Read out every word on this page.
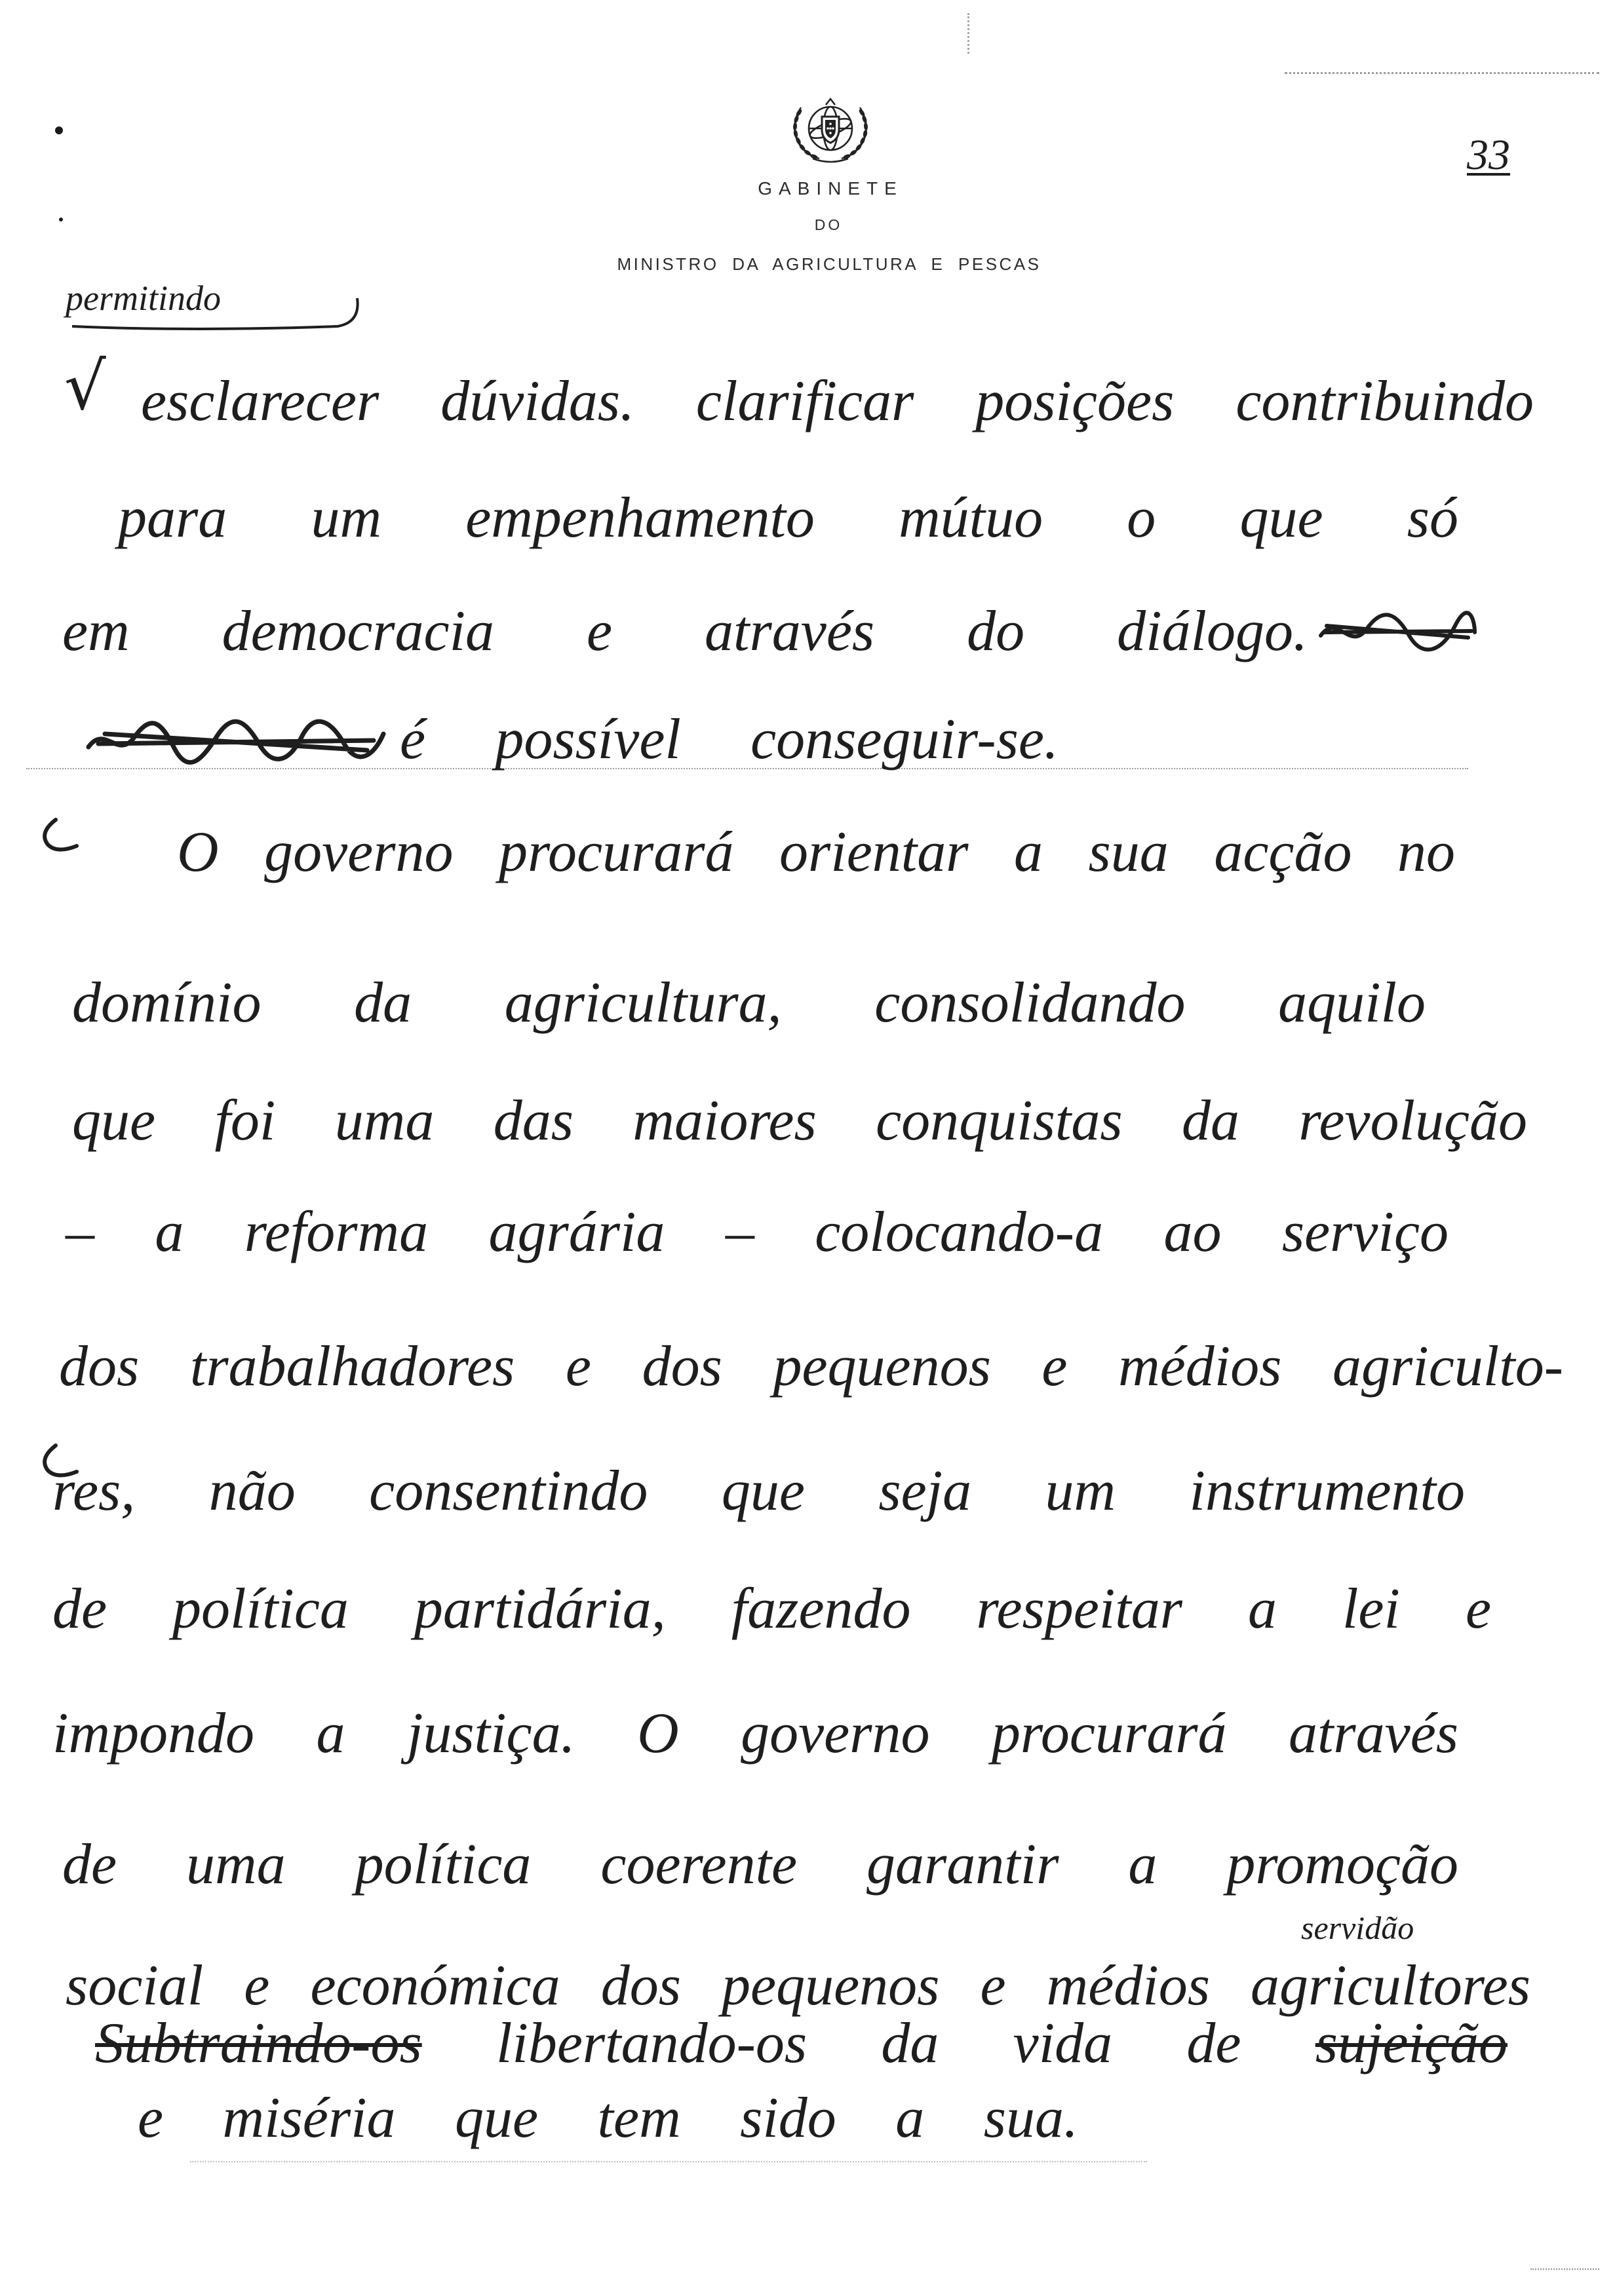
GABINETE
DO
MINISTRO DA AGRICULTURA E PESCAS
33
permitindo
√ esclarecer dúvidas. clarificar posições contribuindo
para um empenhamento mútuo o que só
em democracia e através do diálogo.
é possível conseguir-se.
O governo procurará orientar a sua acção no
domínio da agricultura, consolidando aquilo
que foi uma das maiores conquistas da revolução
– a reforma agrária – colocando-a ao serviço
dos trabalhadores e dos pequenos e médios agriculto-
res, não consentindo que seja um instrumento
de política partidária, fazendo respeitar a lei e
impondo a justiça. O governo procurará através
de uma política coerente garantir a promoção
servidão
social e económica dos pequenos e médios agricultores
Subtraindo-os libertando-os da vida de sujeição
e miséria que tem sido a sua.
